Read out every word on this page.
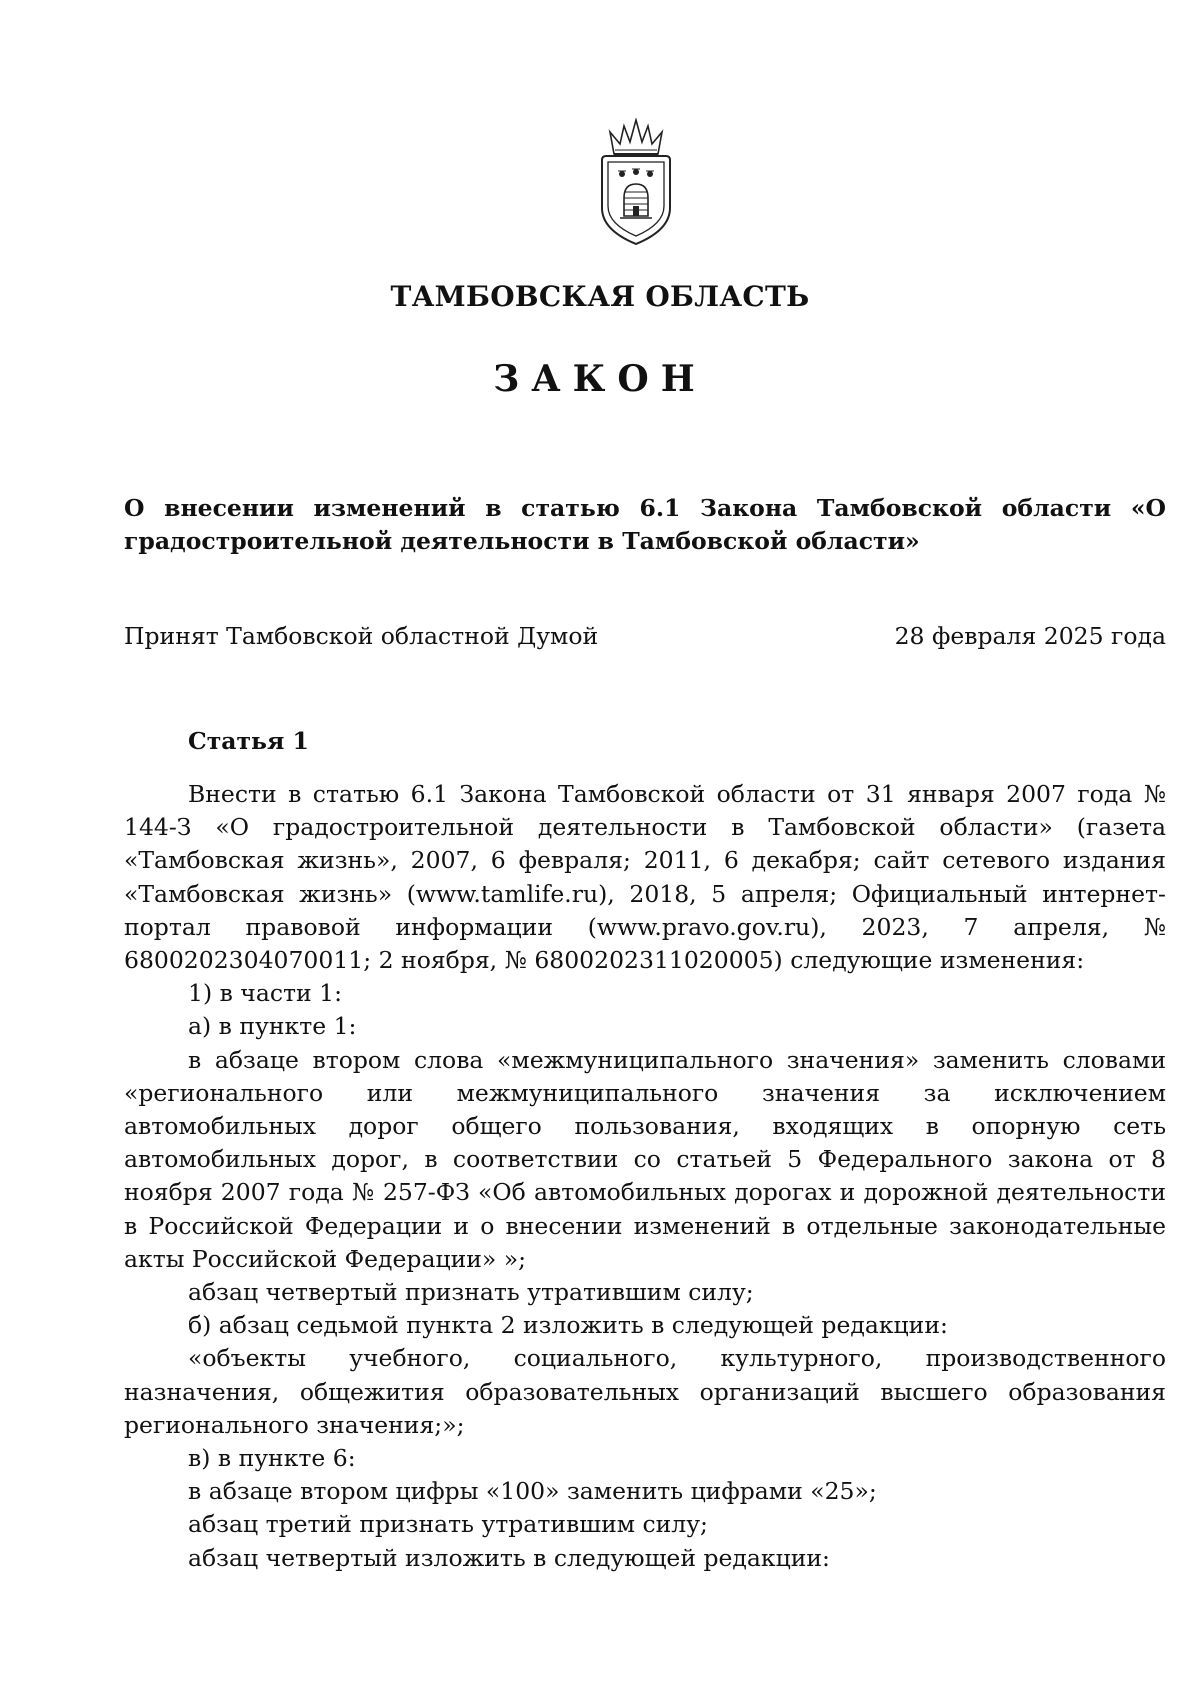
ТАМБОВСКАЯ ОБЛАСТЬ
ЗАКОН

О внесении изменений в статью 6.1 Закона Тамбовской области «О градостроительной деятельности в Тамбовской области»

Принят Тамбовской областной Думой	28 февраля 2025 года
Статья 1

Внести в статью 6.1 Закона Тамбовской области от 31 января 2007 года № 144-З «О градостроительной деятельности в Тамбовской области» (газета «Тамбовская жизнь», 2007, 6 февраля; 2011, 6 декабря; сайт сетевого издания «Тамбовская жизнь» (www.tamlife.ru), 2018, 5 апреля; Официальный интернет-портал правовой информации (www.pravo.gov.ru), 2023, 7 апреля, № 6800202304070011; 2 ноября, № 6800202311020005) следующие изменения:

1) в части 1:

а) в пункте 1:

в абзаце втором слова «межмуниципального значения» заменить словами «регионального или межмуниципального значения за исключением автомобильных дорог общего пользования, входящих в опорную сеть автомобильных дорог, в соответствии со статьей 5 Федерального закона от 8 ноября 2007 года № 257-ФЗ «Об автомобильных дорогах и дорожной деятельности в Российской Федерации и о внесении изменений в отдельные законодательные акты Российской Федерации» »;

абзац четвертый признать утратившим силу;

б) абзац седьмой пункта 2 изложить в следующей редакции:

«объекты учебного, социального, культурного, производственного назначения, общежития образовательных организаций высшего образования регионального значения;»;

в) в пункте 6:

в абзаце втором цифры «100» заменить цифрами «25»;

абзац третий признать утратившим силу;

абзац четвертый изложить в следующей редакции:
